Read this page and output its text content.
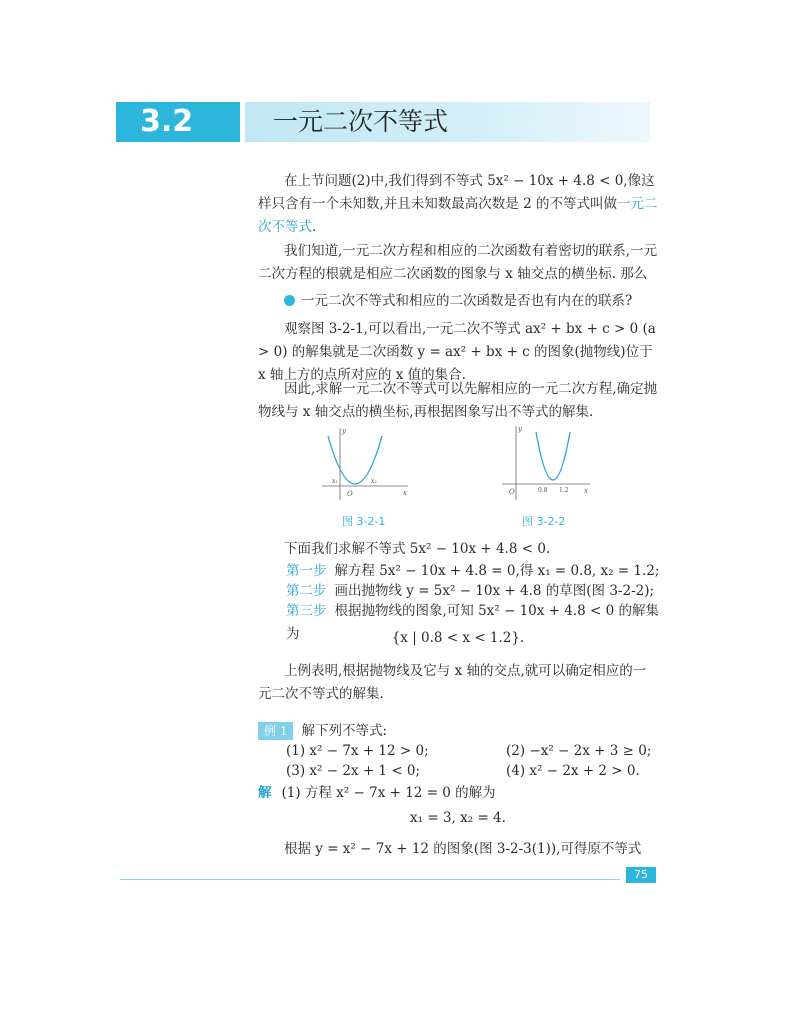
3.2	一元二次不等式

在上节问题(2)中,我们得到不等式 5x² − 10x + 4.8 < 0,像这样只含有一个未知数,并且未知数最高次数是 2 的不等式叫做一元二次不等式.

我们知道,一元二次方程和相应的二次函数有着密切的联系,一元二次方程的根就是相应二次函数的图象与 x 轴交点的横坐标. 那么

一元二次不等式和相应的二次函数是否也有内在的联系?

观察图 3-2-1,可以看出,一元二次不等式 ax² + bx + c > 0 (a > 0) 的解集就是二次函数 y = ax² + bx + c 的图象(抛物线)位于 x 轴上方的点所对应的 x 值的集合.

因此,求解一元二次不等式可以先解相应的一元二次方程,确定抛物线与 x 轴交点的横坐标,再根据图象写出不等式的解集.

y
x
O
x₁	x₂
图 3-2-1
y
x
O	0.8 1.2
图 3-2-2
下面我们求解不等式 5x² − 10x + 4.8 < 0.
第一步 解方程 5x² − 10x + 4.8 = 0,得 x₁ = 0.8, x₂ = 1.2;
第二步 画出抛物线 y = 5x² − 10x + 4.8 的草图(图 3-2-2);
第三步 根据抛物线的图象,可知 5x² − 10x + 4.8 < 0 的解集为	{x | 0.8 < x < 1.2}.

上例表明,根据抛物线及它与 x 轴的交点,就可以确定相应的一元二次不等式的解集.

例 1 解下列不等式:
(1) x² − 7x + 12 > 0;	(2) −x² − 2x + 3 ≥ 0;
(3) x² − 2x + 1 < 0;	(4) x² − 2x + 2 > 0.
解 (1) 方程 x² − 7x + 12 = 0 的解为
x₁ = 3, x₂ = 4.
根据 y = x² − 7x + 12 的图象(图 3-2-3(1)),可得原不等式
75
